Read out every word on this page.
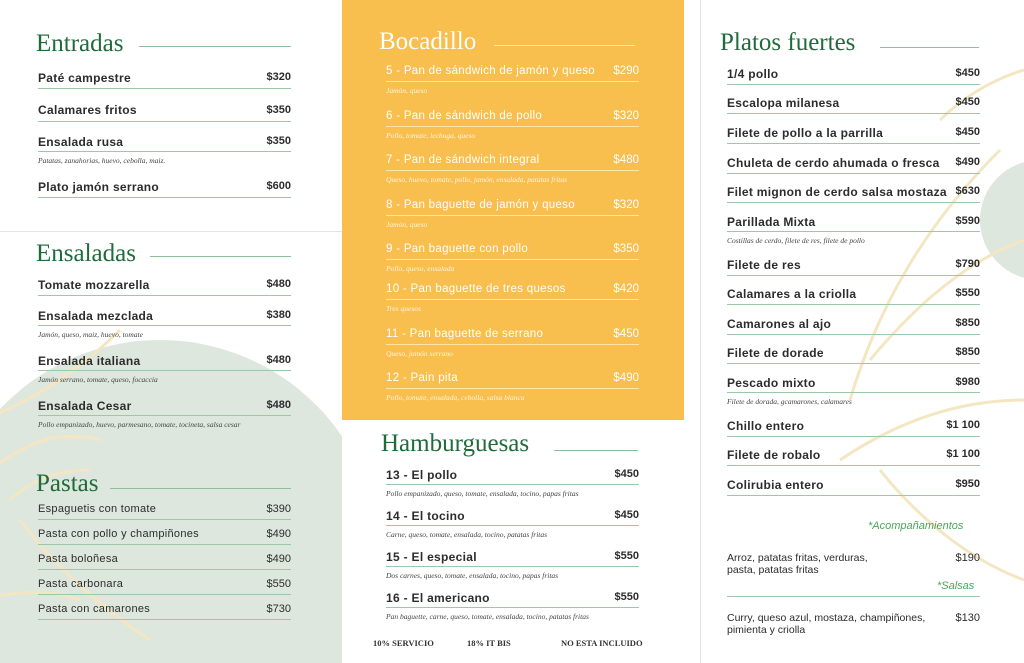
Entradas
Paté campestre	$320
Calamares fritos	$350
Ensalada rusa	$350
Patatas, zanahorias, huevo, cebolla, maiz.
Plato jamón serrano	$600
Ensaladas
Tomate mozzarella	$480
Ensalada mezclada	$380
Jamón, queso, maiz, huevo, tomate
Ensalada italiana	$480
Jamón serrano, tomate, queso, focaccia
Ensalada Cesar	$480
Pollo empanizado, huevo, parmesano, tomate, tocineta, salsa cesar
Pastas
Espaguetis con tomate	$390
Pasta con pollo y champiñones	$490
Pasta boloñesa	$490
Pasta carbonara	$550
Pasta con camarones	$730
Bocadillo
5 - Pan de sándwich de jamón y queso $290
Jamón, queso
6 - Pan de sándwich de pollo	$320
Pollo, tomate, lechuga, queso
7 - Pan de sándwich integral	$480
Queso, huevo, tomate, pollo, jamón, ensalada, patatas fritas
8 - Pan baguette de jamón y queso	$320
Jamón, queso
9 - Pan baguette con pollo	$350
Pollo, queso, ensalada
10 - Pan baguette de tres quesos	$420
Tres quesos
11 - Pan baguette de serrano	$450
Queso, jamón serrano
12 - Pain pita	$490
Pollo, tomate, ensalada, cebolla, salsa blanca
Hamburguesas
13 - El pollo	$450
Pollo empanizado, queso, tomate, ensalada, tocino, papas fritas
14 - El tocino	$450
Carne, queso, tomate, ensalada, tocino, patatas fritas
15 - El especial	$550
Dos carnes, queso, tomate, ensalada, tocino, papas fritas
16 - El americano	$550
Pan baguette, carne, queso, tomate, ensalada, tocino, patatas fritas
10% SERVICIO	18% IT BIS	NO ESTA INCLUIDO
Platos fuertes
1/4 pollo	$450
Escalopa milanesa	$450
Filete de pollo a la parrilla	$450
Chuleta de cerdo ahumada o fresca $490
Filet mignon de cerdo salsa mostaza $630
Parillada Mixta	$590
Costillas de cerdo, filete de res, filete de pollo
Filete de res	$790
Calamares a la criolla	$550
Camarones al ajo	$850
Filete de dorade	$850
Pescado mixto	$980
Filete de dorada, gcamarones, calamares
Chillo entero	$1 100
Filete de robalo	$1 100
Colirubia entero	$950
*Acompañamientos
Arroz, patatas fritas, verduras, pasta, patatas fritas
$190
*Salsas
Curry, queso azul, mostaza, champiñones, pimienta y criolla
$130
